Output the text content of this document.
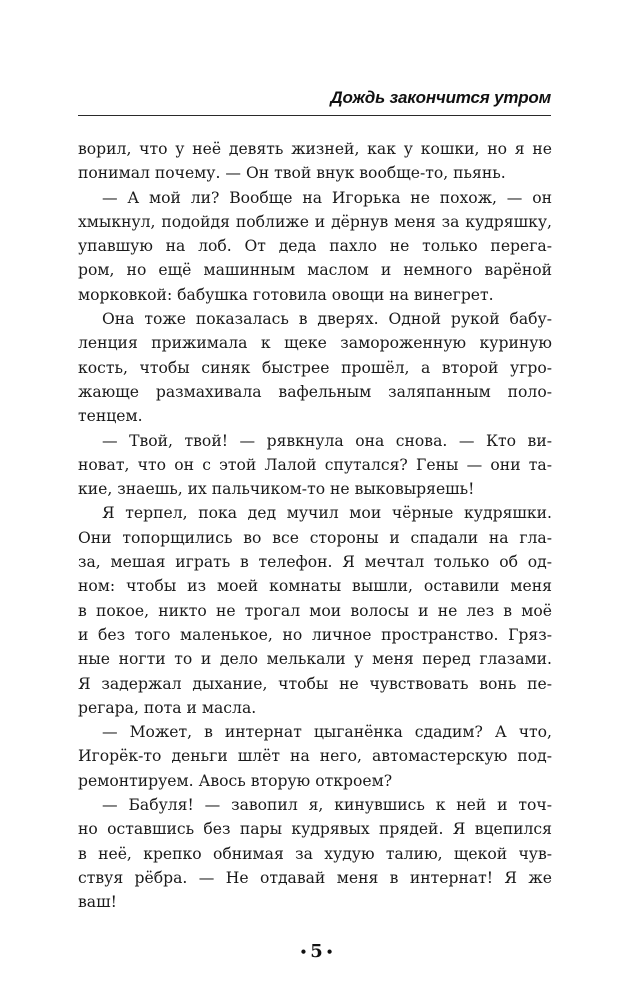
Дождь закончится утром

ворил, что у неё девять жизней, как у кошки, но я не
понимал почему. — Он твой внук вообще-то, пьянь.

— А мой ли? Вообще на Игорька не похож, — он
хмыкнул, подойдя поближе и дёрнув меня за кудряшку,
упавшую на лоб. От деда пахло не только перега-
ром, но ещё машинным маслом и немного варёной
морковкой: бабушка готовила овощи на винегрет.

Она тоже показалась в дверях. Одной рукой бабу-
ленция прижимала к щеке замороженную куриную
кость, чтобы синяк быстрее прошёл, а второй угро-
жающе размахивала вафельным заляпанным поло-
тенцем.

— Твой, твой! — рявкнула она снова. — Кто ви-
новат, что он с этой Лалой спутался? Гены — они та-
кие, знаешь, их пальчиком-то не выковыряешь!

Я терпел, пока дед мучил мои чёрные кудряшки.
Они топорщились во все стороны и спадали на гла-
за, мешая играть в телефон. Я мечтал только об од-
ном: чтобы из моей комнаты вышли, оставили меня
в покое, никто не трогал мои волосы и не лез в моё
и без того маленькое, но личное пространство. Гряз-
ные ногти то и дело мелькали у меня перед глазами.
Я задержал дыхание, чтобы не чувствовать вонь пе-
регара, пота и масла.

— Может, в интернат цыганёнка сдадим? А что,
Игорёк-то деньги шлёт на него, автомастерскую под-
ремонтируем. Авось вторую откроем?

— Бабуля! — завопил я, кинувшись к ней и точ-
но оставшись без пары кудрявых прядей. Я вцепился
в неё, крепко обнимая за худую талию, щекой чув-
ствуя рёбра. — Не отдавай меня в интернат! Я же
ваш!

• 5 •
